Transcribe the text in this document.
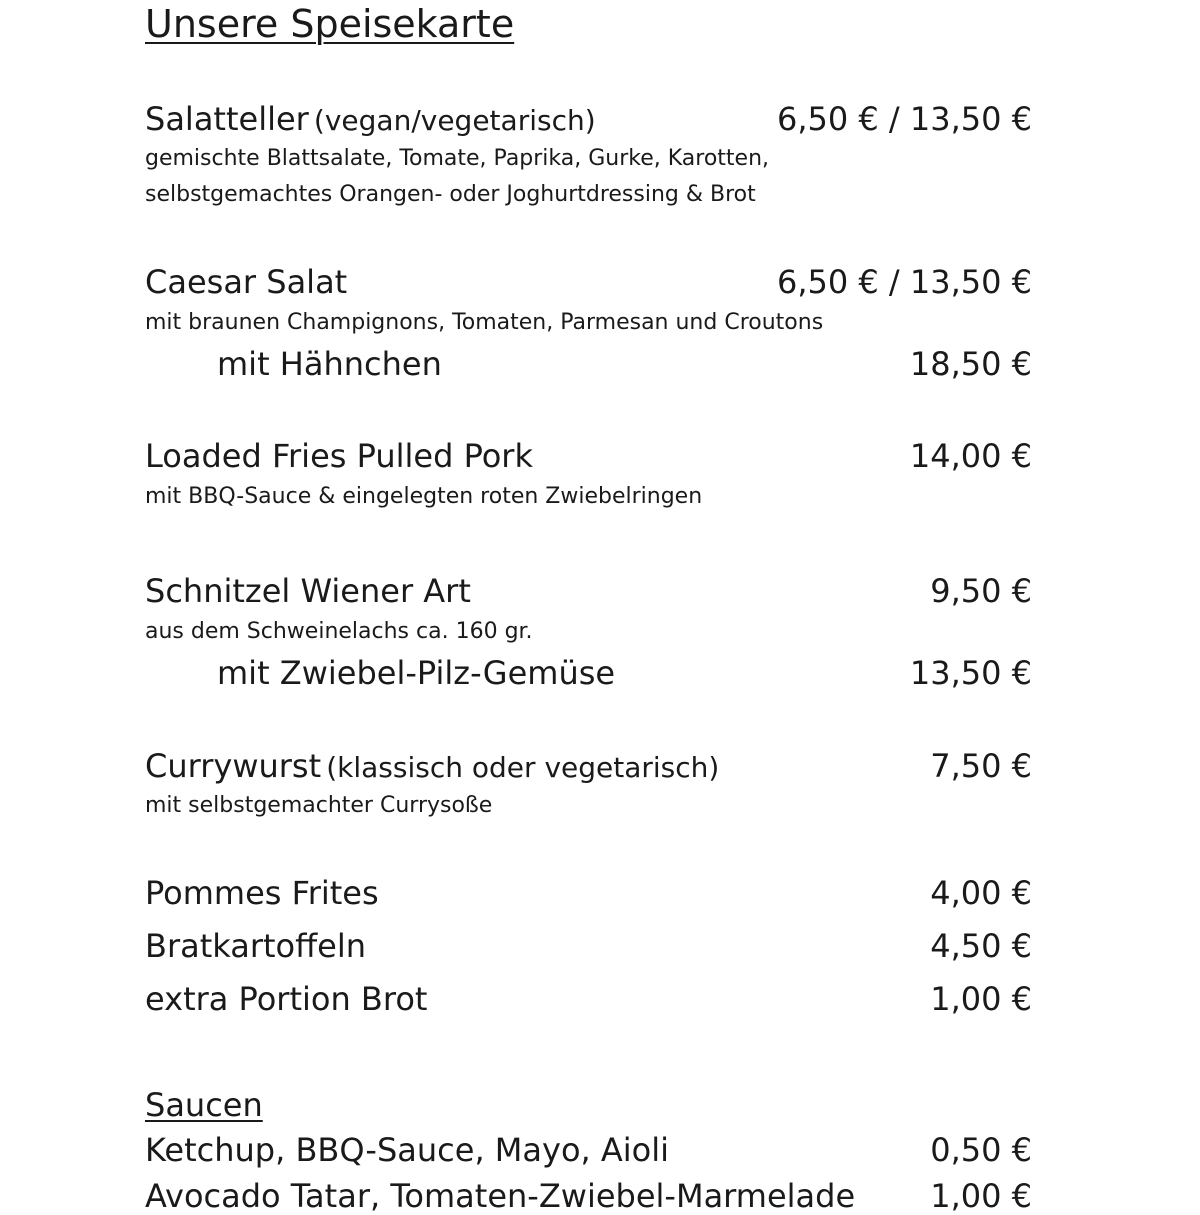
Unsere Speisekarte
Salatteller (vegan/vegetarisch)	6,50 € / 13,50 €
gemischte Blattsalate, Tomate, Paprika, Gurke, Karotten,
selbstgemachtes Orangen- oder Joghurtdressing & Brot
Caesar Salat	6,50 € / 13,50 €
mit braunen Champignons, Tomaten, Parmesan und Croutons
mit Hähnchen	18,50 €
Loaded Fries Pulled Pork	14,00 €
mit BBQ-Sauce & eingelegten roten Zwiebelringen
Schnitzel Wiener Art	9,50 €
aus dem Schweinelachs ca. 160 gr.
mit Zwiebel-Pilz-Gemüse	13,50 €
Currywurst (klassisch oder vegetarisch)	7,50 €
mit selbstgemachter Currysoße
Pommes Frites	4,00 €
Bratkartoffeln	4,50 €
extra Portion Brot	1,00 €
Saucen
Ketchup, BBQ-Sauce, Mayo, Aioli	0,50 €
Avocado Tatar, Tomaten-Zwiebel-Marmelade 1,00 €
